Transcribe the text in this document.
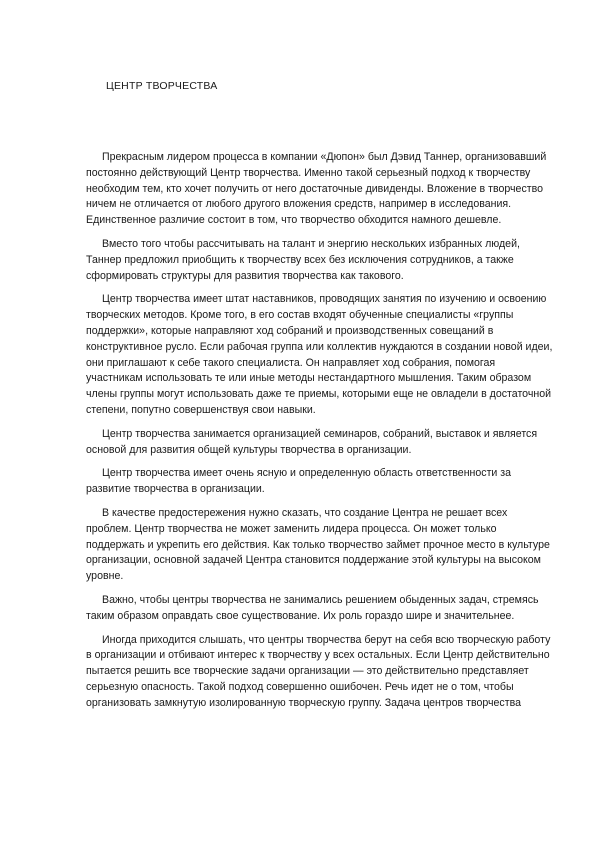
ЦЕНТР ТВОРЧЕСТВА

Прекрасным лидером процесса в компании «Дюпон» был Дэвид Таннер, организовавший постоянно действующий Центр творчества. Именно такой серьезный подход к творчеству необходим тем, кто хочет получить от него достаточные дивиденды. Вложение в творчество ничем не отличается от любого другого вложения средств, например в исследования. Единственное различие состоит в том, что творчество обходится намного дешевле.

Вместо того чтобы рассчитывать на талант и энергию нескольких избранных людей, Таннер предложил приобщить к творчеству всех без исключения сотрудников, а также сформировать структуры для развития творчества как такового.

Центр творчества имеет штат наставников, проводящих занятия по изучению и освоению творческих методов. Кроме того, в его состав входят обученные специалисты «группы поддержки», которые направляют ход собраний и производственных совещаний в конструктивное русло. Если рабочая группа или коллектив нуждаются в создании новой идеи, они приглашают к себе такого специалиста. Он направляет ход собрания, помогая участникам использовать те или иные методы нестандартного мышления. Таким образом члены группы могут использовать даже те приемы, которыми еще не овладели в достаточной степени, попутно совершенствуя свои навыки.

Центр творчества занимается организацией семинаров, собраний, выставок и является основой для развития общей культуры творчества в организации.

Центр творчества имеет очень ясную и определенную область ответственности за развитие творчества в организации.

В качестве предостережения нужно сказать, что создание Центра не решает всех проблем. Центр творчества не может заменить лидера процесса. Он может только поддержать и укрепить его действия. Как только творчество займет прочное место в культуре организации, основной задачей Центра становится поддержание этой культуры на высоком уровне.

Важно, чтобы центры творчества не занимались решением обыденных задач, стремясь таким образом оправдать свое существование. Их роль гораздо шире и значительнее.

Иногда приходится слышать, что центры творчества берут на себя всю творческую работу в организации и отбивают интерес к творчеству у всех остальных. Если Центр действительно пытается решить все творческие задачи организации — это действительно представляет серьезную опасность. Такой подход совершенно ошибочен. Речь идет не о том, чтобы организовать замкнутую изолированную творческую группу. Задача центров творчества
